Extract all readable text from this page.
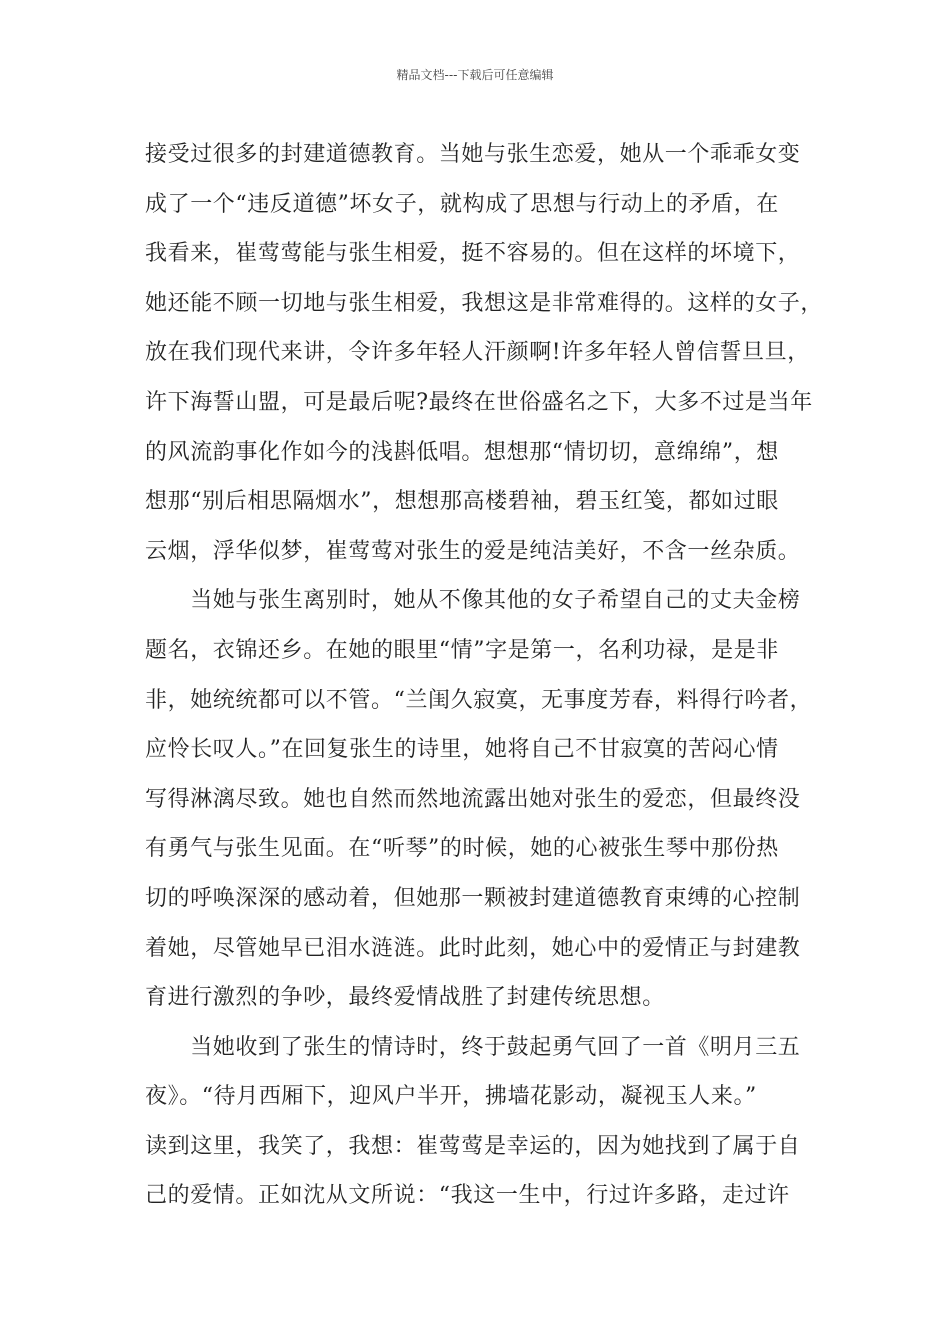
精品文档---下载后可任意编辑
接受过很多的封建道德教育。当她与张生恋爱，她从一个乖乖女变
成了一个“违反道德”坏女子，就构成了思想与行动上的矛盾，在
我看来，崔莺莺能与张生相爱，挺不容易的。但在这样的坏境下，
她还能不顾一切地与张生相爱，我想这是非常难得的。这样的女子，
放在我们现代来讲，令许多年轻人汗颜啊!许多年轻人曾信誓旦旦，
许下海誓山盟，可是最后呢?最终在世俗盛名之下，大多不过是当年
的风流韵事化作如今的浅斟低唱。想想那“情切切，意绵绵”，想
想那“别后相思隔烟水”，想想那高楼碧袖，碧玉红笺，都如过眼
云烟，浮华似梦，崔莺莺对张生的爱是纯洁美好，不含一丝杂质。
　　当她与张生离别时，她从不像其他的女子希望自己的丈夫金榜
题名，衣锦还乡。在她的眼里“情”字是第一，名利功禄，是是非
非，她统统都可以不管。“兰闺久寂寞，无事度芳春，料得行吟者，
应怜长叹人。”在回复张生的诗里，她将自己不甘寂寞的苦闷心情
写得淋漓尽致。她也自然而然地流露出她对张生的爱恋，但最终没
有勇气与张生见面。在“听琴”的时候，她的心被张生琴中那份热
切的呼唤深深的感动着，但她那一颗被封建道德教育束缚的心控制
着她，尽管她早已泪水涟涟。此时此刻，她心中的爱情正与封建教
育进行激烈的争吵，最终爱情战胜了封建传统思想。
　　当她收到了张生的情诗时，终于鼓起勇气回了一首《明月三五
夜》。“待月西厢下，迎风户半开，拂墙花影动，凝视玉人来。”
读到这里，我笑了，我想：崔莺莺是幸运的，因为她找到了属于自
己的爱情。正如沈从文所说：“我这一生中，行过许多路，走过许
